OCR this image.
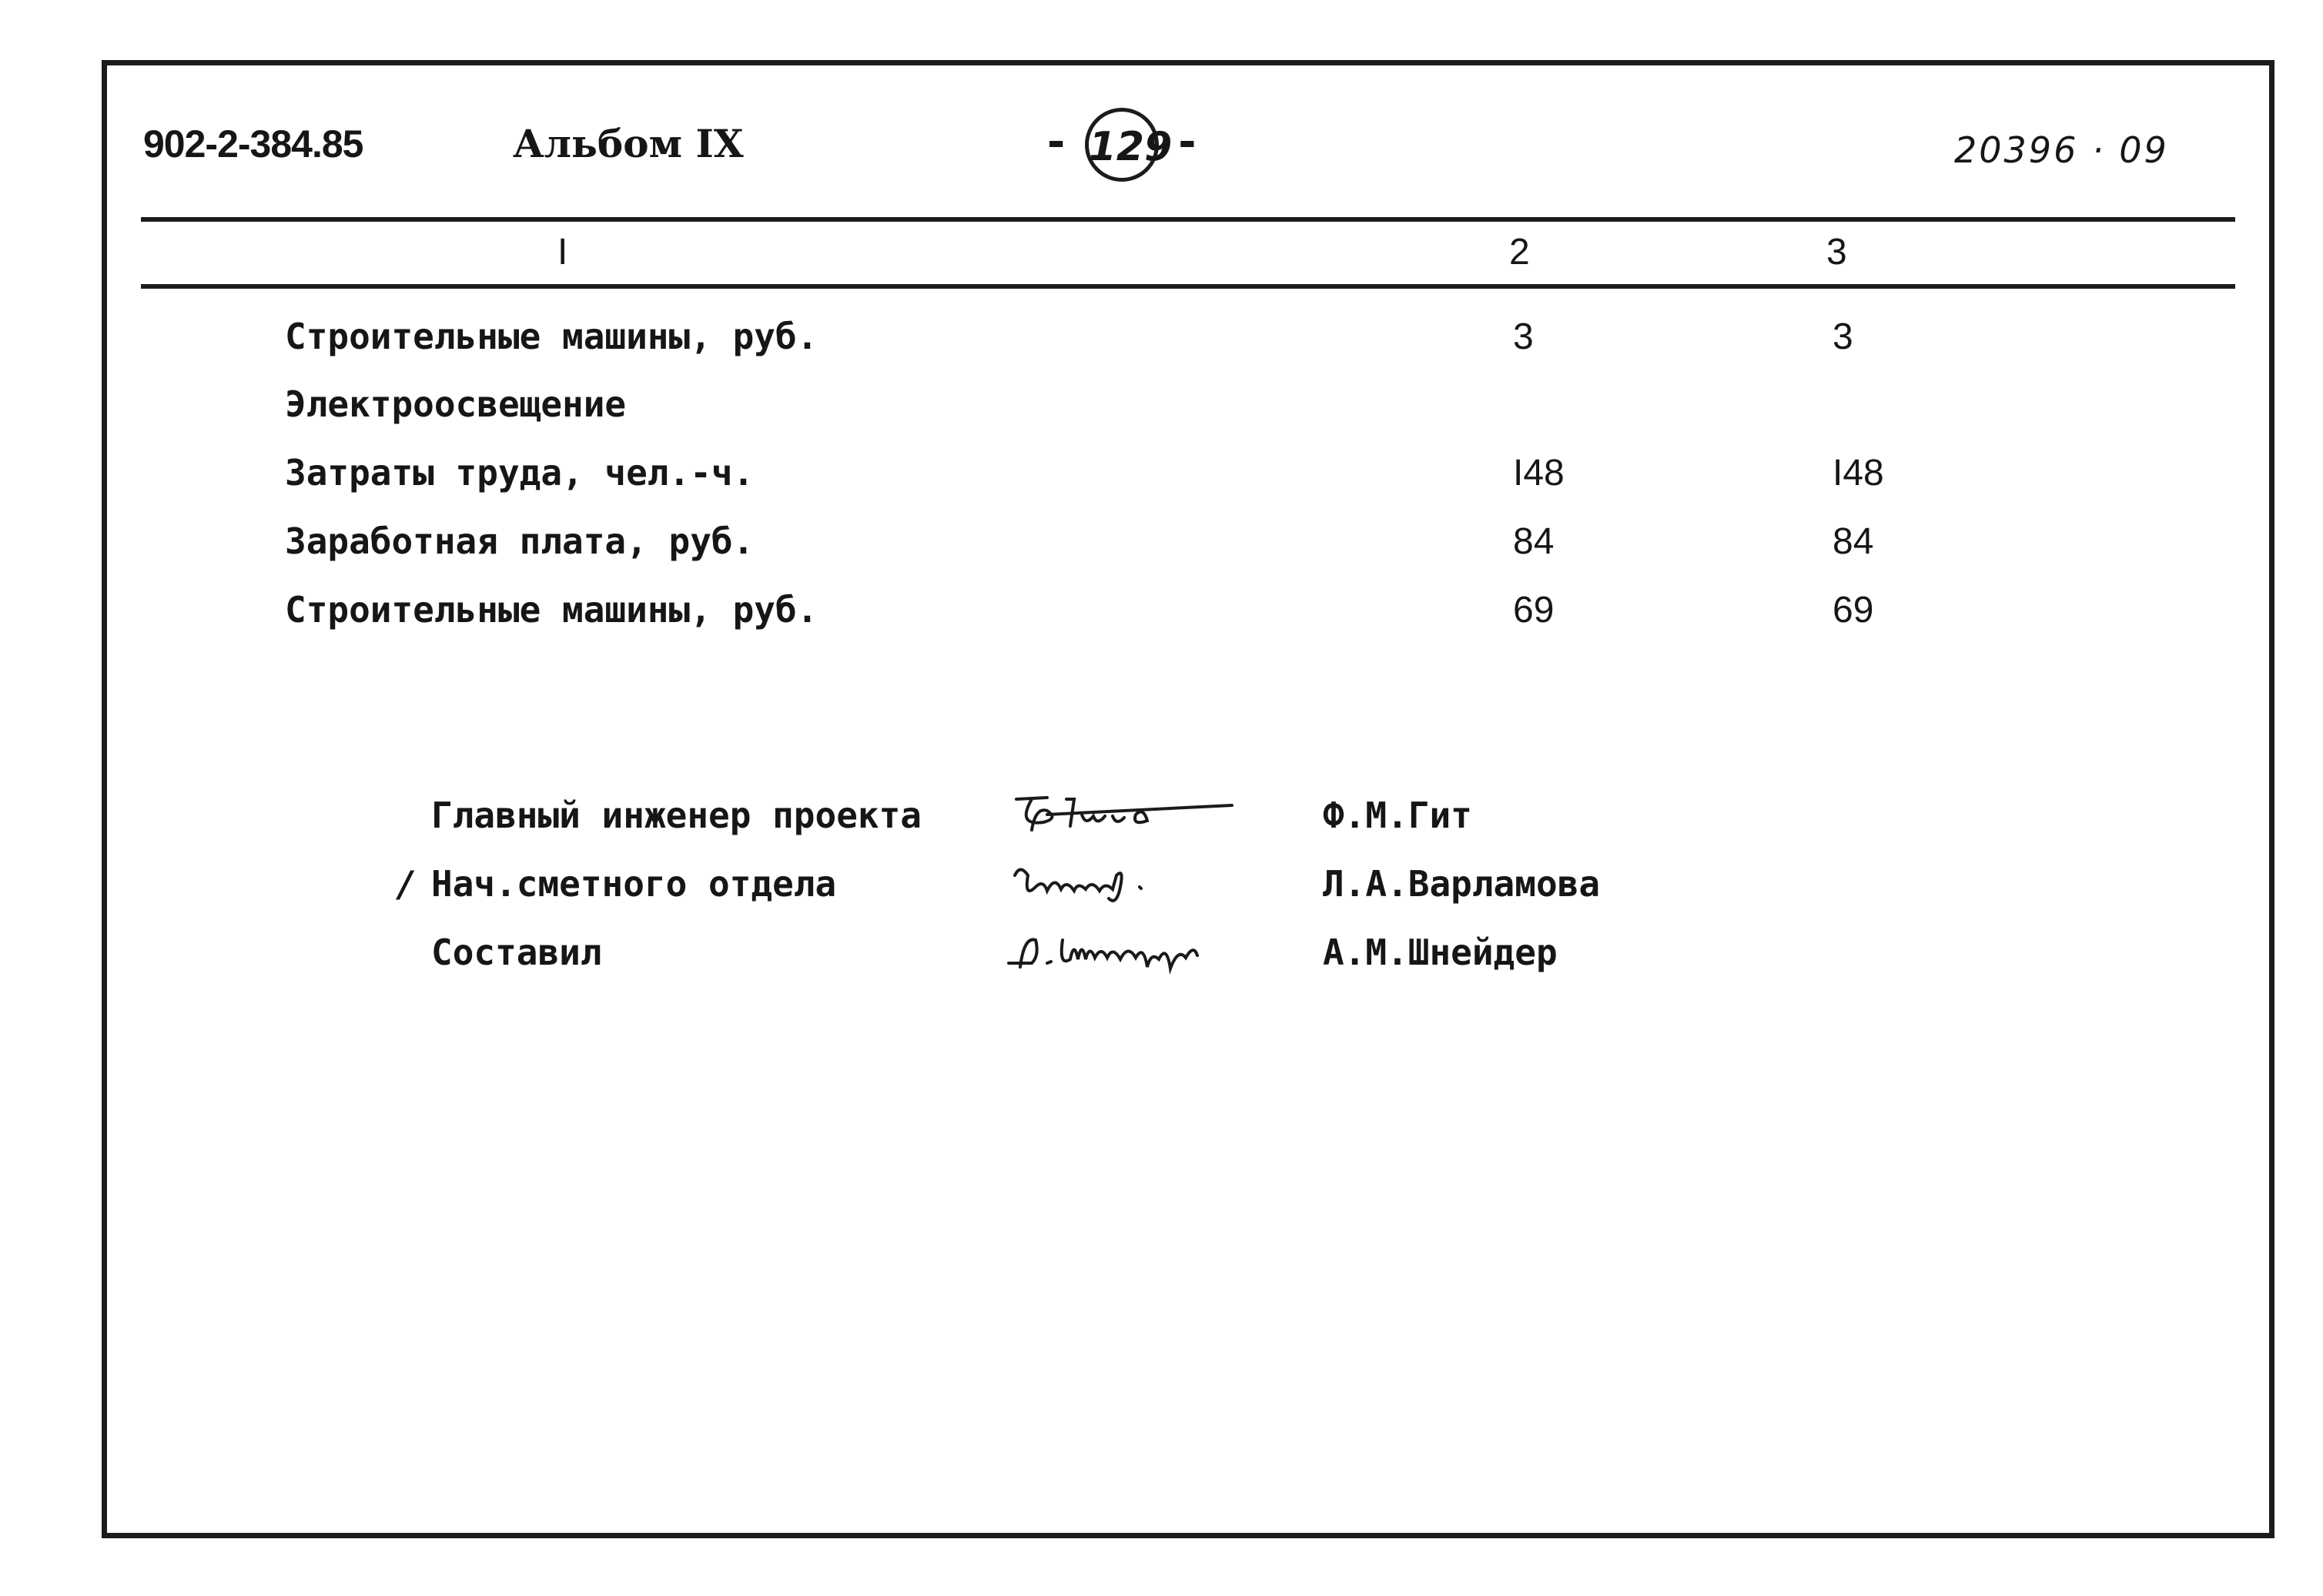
902-2-384.85	Альбом IX	- 129 -	20396 · 09
I	2	3
Строительные машины, руб.	3	3
Электроосвещение
Затраты труда, чел.-ч.	I48	I48
Заработная плата, руб.	84	84
Строительные машины, руб.	69	69
Главный инженер проекта	Ф.М.Гит
/ Нач.сметного отдела	Л.А.Варламова
Составил	А.М.Шнейдер
